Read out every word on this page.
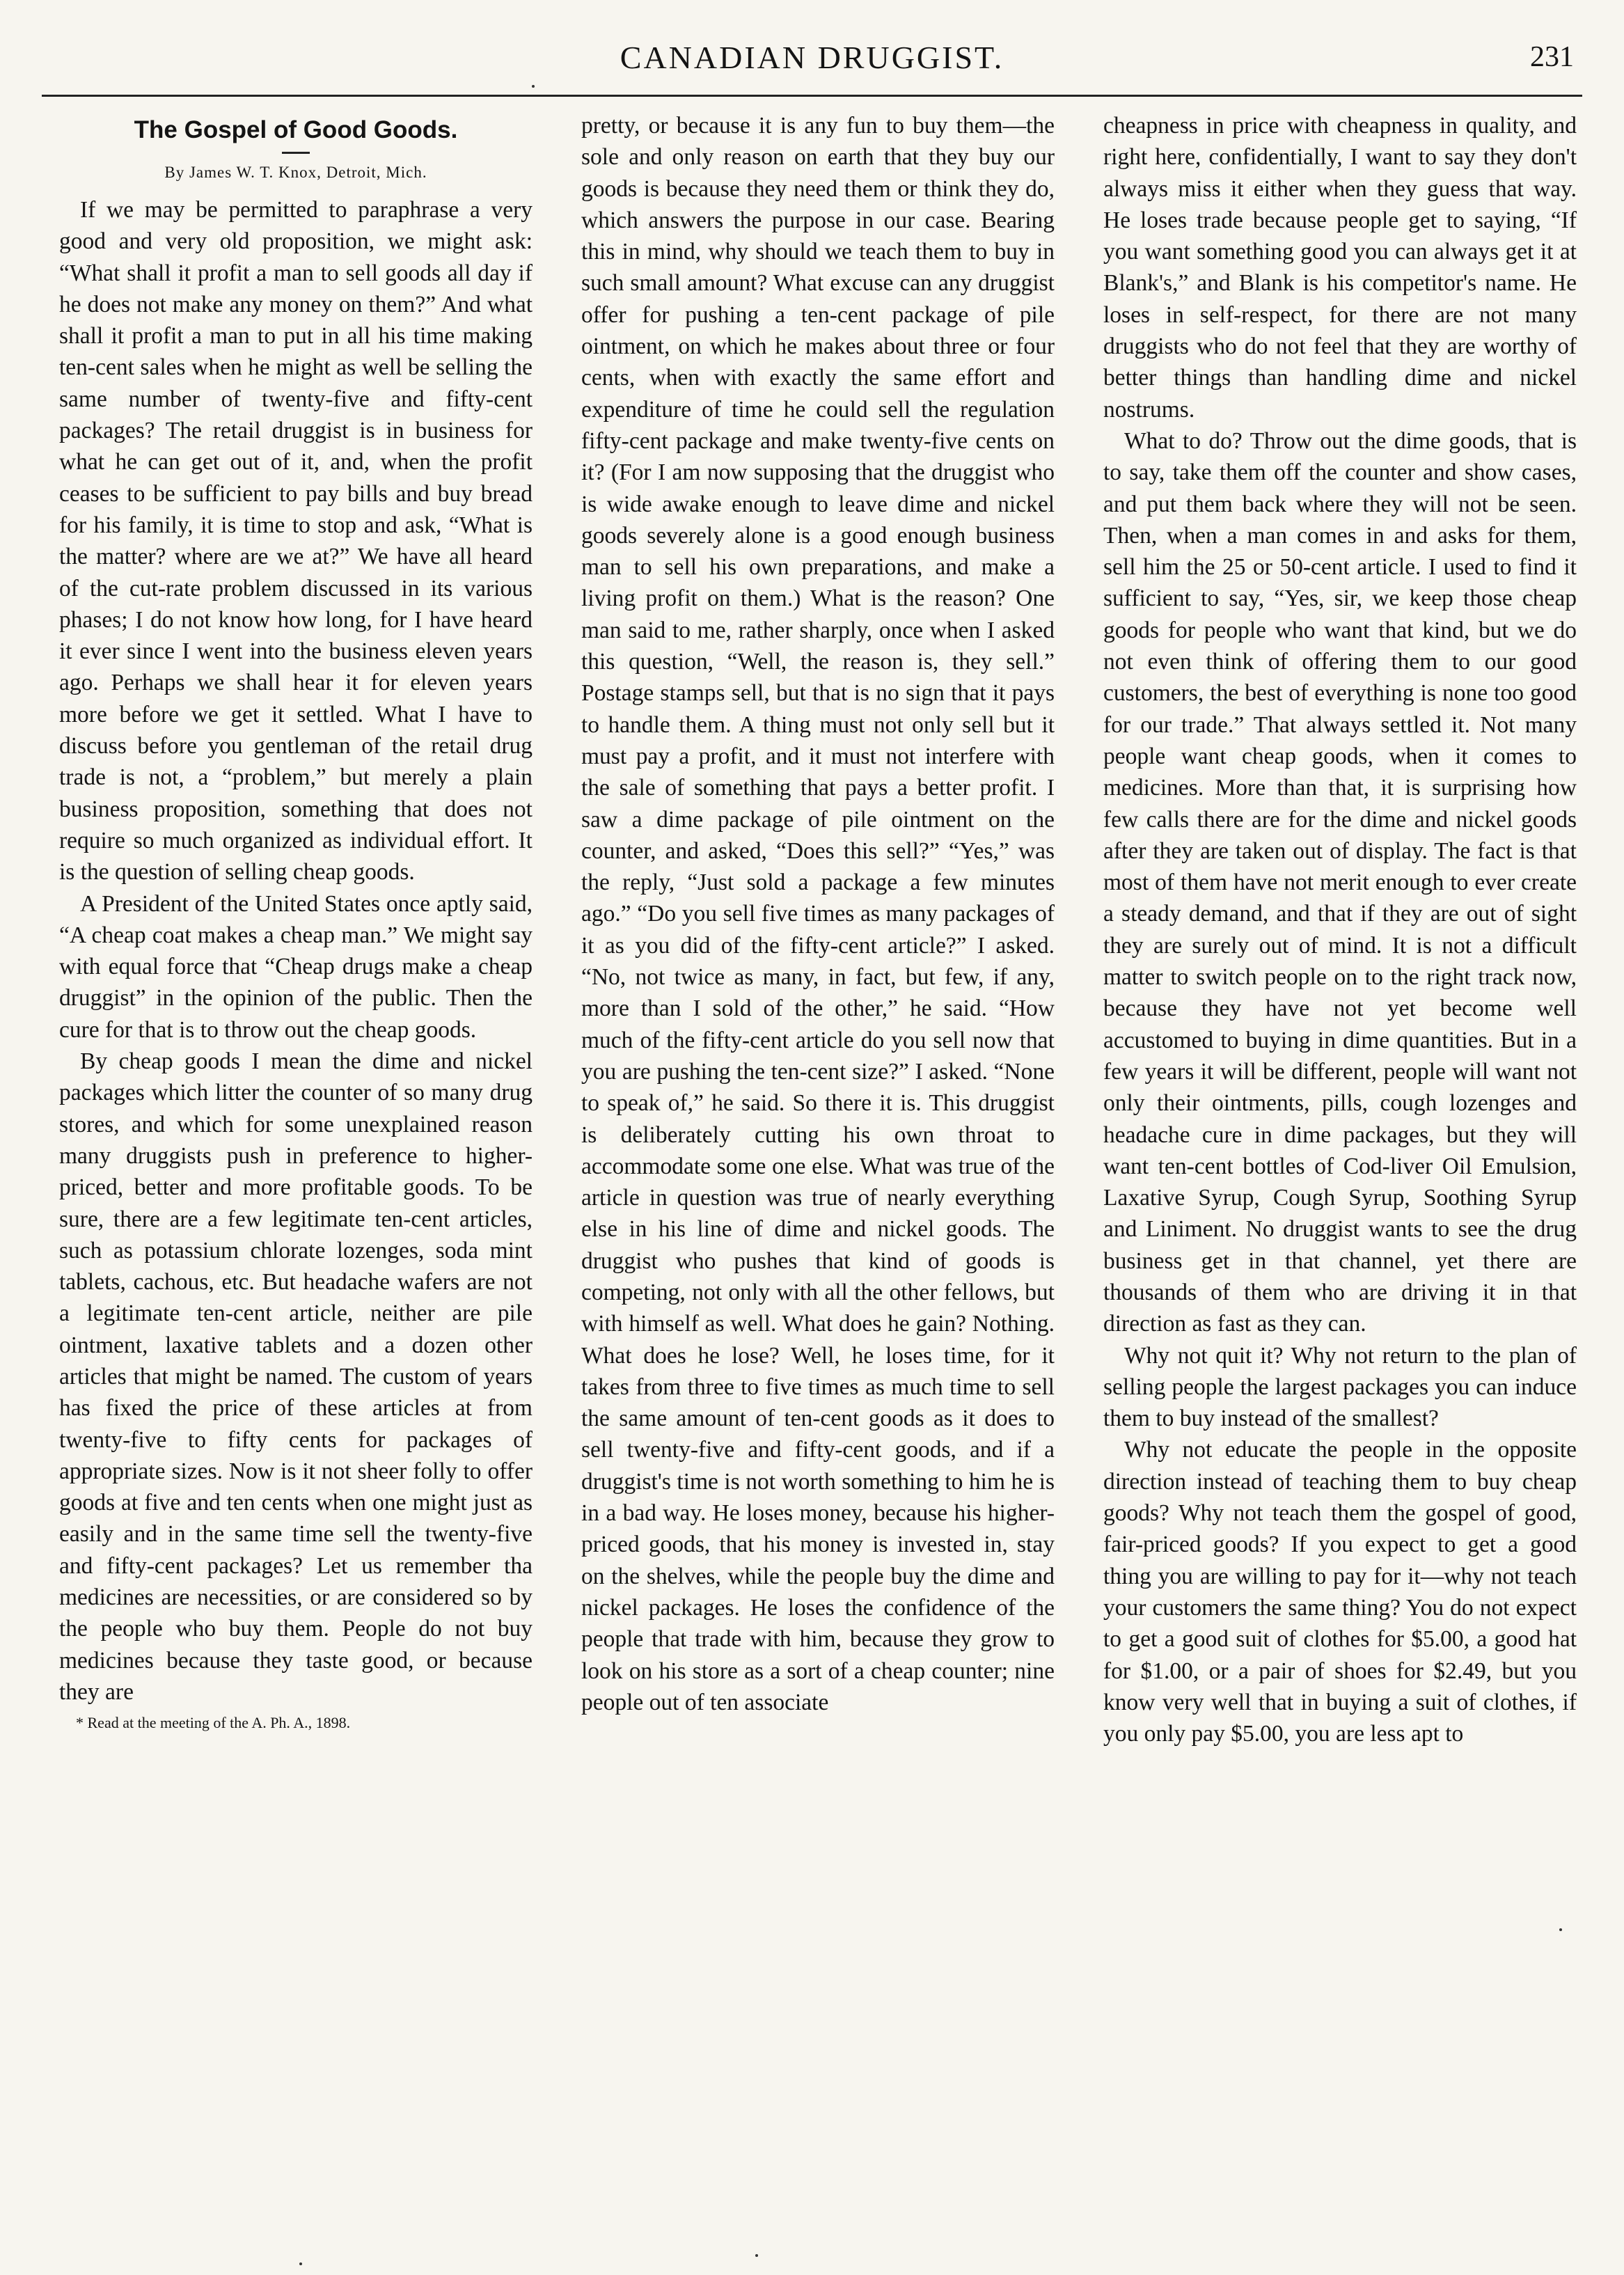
CANADIAN DRUGGIST.	231
The Gospel of Good Goods.
By James W. T. Knox, Detroit, Mich.

If we may be permitted to paraphrase a very good and very old proposition, we might ask: “What shall it profit a man to sell goods all day if he does not make any money on them?” And what shall it profit a man to put in all his time making ten-cent sales when he might as well be selling the same number of twenty-five and fifty-cent packages? The retail druggist is in business for what he can get out of it, and, when the profit ceases to be sufficient to pay bills and buy bread for his family, it is time to stop and ask, “What is the matter? where are we at?” We have all heard of the cut-rate problem discussed in its various phases; I do not know how long, for I have heard it ever since I went into the business eleven years ago. Perhaps we shall hear it for eleven years more before we get it settled. What I have to discuss before you gentleman of the retail drug trade is not, a “problem,” but merely a plain business proposition, something that does not require so much organized as individual effort. It is the question of selling cheap goods.

A President of the United States once aptly said, “A cheap coat makes a cheap man.” We might say with equal force that “Cheap drugs make a cheap druggist” in the opinion of the public. Then the cure for that is to throw out the cheap goods.

By cheap goods I mean the dime and nickel packages which litter the counter of so many drug stores, and which for some unexplained reason many druggists push in preference to higher-priced, better and more profitable goods. To be sure, there are a few legitimate ten-cent articles, such as potassium chlorate lozenges, soda mint tablets, cachous, etc. But headache wafers are not a legitimate ten-cent article, neither are pile ointment, laxative tablets and a dozen other articles that might be named. The custom of years has fixed the price of these articles at from twenty-five to fifty cents for packages of appropriate sizes. Now is it not sheer folly to offer goods at five and ten cents when one might just as easily and in the same time sell the twenty-five and fifty-cent packages? Let us remember tha medicines are necessities, or are considered so by the people who buy them. People do not buy medicines because they taste good, or because they are

* Read at the meeting of the A. Ph. A., 1898.

pretty, or because it is any fun to buy them—the sole and only reason on earth that they buy our goods is because they need them or think they do, which answers the purpose in our case. Bearing this in mind, why should we teach them to buy in such small amount? What excuse can any druggist offer for pushing a ten-cent package of pile ointment, on which he makes about three or four cents, when with exactly the same effort and expenditure of time he could sell the regulation fifty-cent package and make twenty-five cents on it? (For I am now supposing that the druggist who is wide awake enough to leave dime and nickel goods severely alone is a good enough business man to sell his own preparations, and make a living profit on them.) What is the reason? One man said to me, rather sharply, once when I asked this question, “Well, the reason is, they sell.” Postage stamps sell, but that is no sign that it pays to handle them. A thing must not only sell but it must pay a profit, and it must not interfere with the sale of something that pays a better profit. I saw a dime package of pile ointment on the counter, and asked, “Does this sell?” “Yes,” was the reply, “Just sold a package a few minutes ago.” “Do you sell five times as many packages of it as you did of the fifty-cent article?” I asked. “No, not twice as many, in fact, but few, if any, more than I sold of the other,” he said. “How much of the fifty-cent article do you sell now that you are pushing the ten-cent size?” I asked. “None to speak of,” he said. So there it is. This druggist is deliberately cutting his own throat to accommodate some one else. What was true of the article in question was true of nearly everything else in his line of dime and nickel goods. The druggist who pushes that kind of goods is competing, not only with all the other fellows, but with himself as well. What does he gain? Nothing. What does he lose? Well, he loses time, for it takes from three to five times as much time to sell the same amount of ten-cent goods as it does to sell twenty-five and fifty-cent goods, and if a druggist's time is not worth something to him he is in a bad way. He loses money, because his higher-priced goods, that his money is invested in, stay on the shelves, while the people buy the dime and nickel packages. He loses the confidence of the people that trade with him, because they grow to look on his store as a sort of a cheap counter; nine people out of ten associate

cheapness in price with cheapness in quality, and right here, confidentially, I want to say they don't always miss it either when they guess that way. He loses trade because people get to saying, “If you want something good you can always get it at Blank's,” and Blank is his competitor's name. He loses in self-respect, for there are not many druggists who do not feel that they are worthy of better things than handling dime and nickel nostrums.

What to do? Throw out the dime goods, that is to say, take them off the counter and show cases, and put them back where they will not be seen. Then, when a man comes in and asks for them, sell him the 25 or 50-cent article. I used to find it sufficient to say, “Yes, sir, we keep those cheap goods for people who want that kind, but we do not even think of offering them to our good customers, the best of everything is none too good for our trade.” That always settled it. Not many people want cheap goods, when it comes to medicines. More than that, it is surprising how few calls there are for the dime and nickel goods after they are taken out of display. The fact is that most of them have not merit enough to ever create a steady demand, and that if they are out of sight they are surely out of mind. It is not a difficult matter to switch people on to the right track now, because they have not yet become well accustomed to buying in dime quantities. But in a few years it will be different, people will want not only their ointments, pills, cough lozenges and headache cure in dime packages, but they will want ten-cent bottles of Cod-liver Oil Emulsion, Laxative Syrup, Cough Syrup, Soothing Syrup and Liniment. No druggist wants to see the drug business get in that channel, yet there are thousands of them who are driving it in that direction as fast as they can.

Why not quit it? Why not return to the plan of selling people the largest packages you can induce them to buy instead of the smallest?

Why not educate the people in the opposite direction instead of teaching them to buy cheap goods? Why not teach them the gospel of good, fair-priced goods? If you expect to get a good thing you are willing to pay for it—why not teach your customers the same thing? You do not expect to get a good suit of clothes for $5.00, a good hat for $1.00, or a pair of shoes for $2.49, but you know very well that in buying a suit of clothes, if you only pay $5.00, you are less apt to
